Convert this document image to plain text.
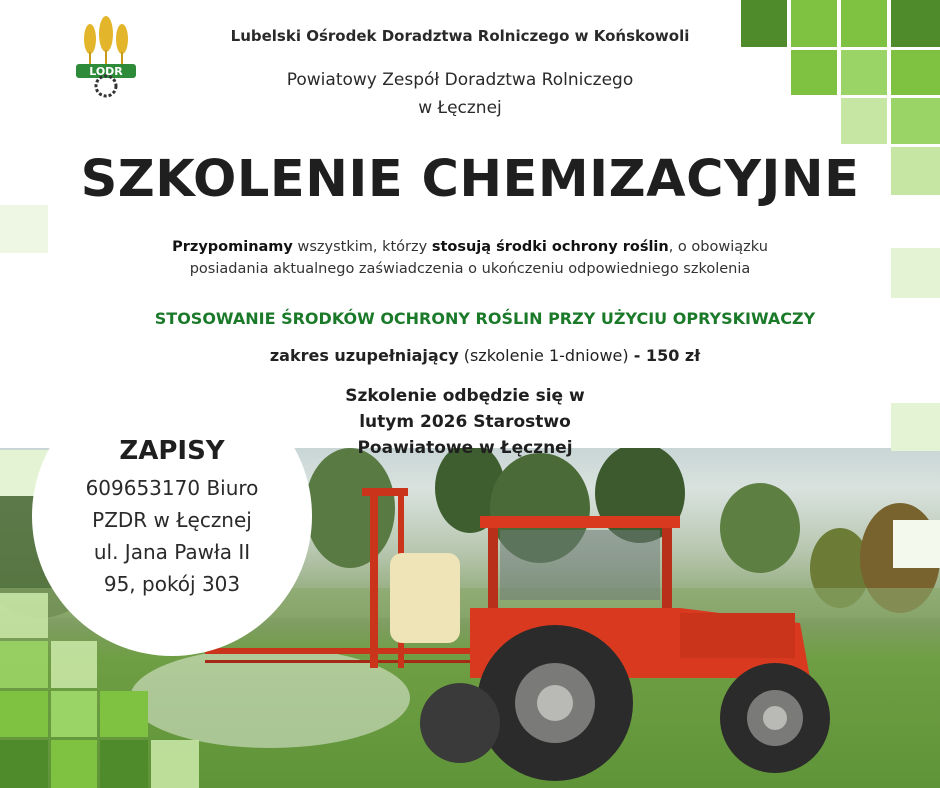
LODR
Lubelski Ośrodek Doradztwa Rolniczego w Końskowoli
Powiatowy Zespół Doradztwa Rolniczego
w Łęcznej
SZKOLENIE CHEMIZACYJNE
Przypominamy wszystkim, którzy stosują środki ochrony roślin, o obowiązku
posiadania aktualnego zaświadczenia o ukończeniu odpowiedniego szkolenia
STOSOWANIE ŚRODKÓW OCHRONY ROŚLIN PRZY UŻYCIU OPRYSKIWACZY
zakres uzupełniający (szkolenie 1-dniowe) - 150 zł
Szkolenie odbędzie się w
lutym 2026 Starostwo
Poawiatowe w Łęcznej
ZAPISY
609653170 Biuro
PZDR w Łęcznej
ul. Jana Pawła II
95, pokój 303
